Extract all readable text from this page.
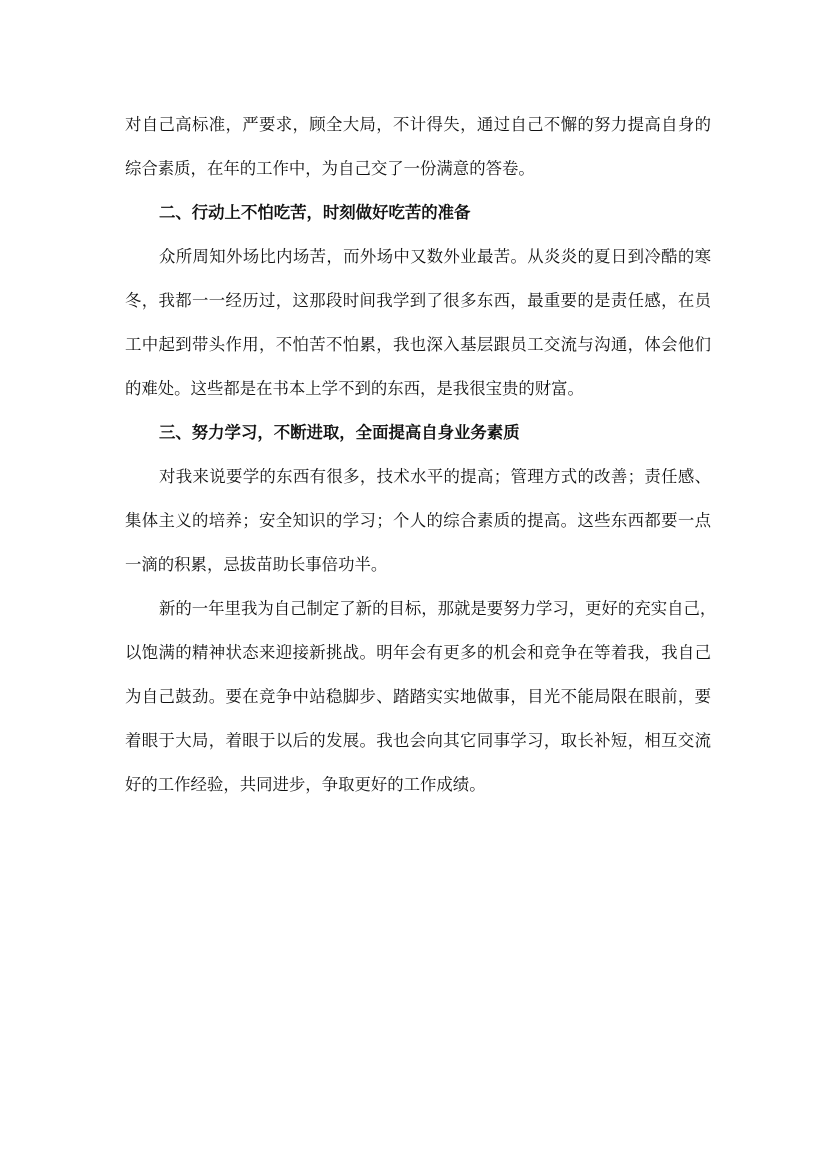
对自己高标准，严要求，顾全大局，不计得失，通过自己不懈的努力提高自身的
综合素质，在年的工作中，为自己交了一份满意的答卷。
二、行动上不怕吃苦，时刻做好吃苦的准备
众所周知外场比内场苦，而外场中又数外业最苦。从炎炎的夏日到冷酷的寒
冬，我都一一经历过，这那段时间我学到了很多东西，最重要的是责任感，在员
工中起到带头作用，不怕苦不怕累，我也深入基层跟员工交流与沟通，体会他们
的难处。这些都是在书本上学不到的东西，是我很宝贵的财富。
三、努力学习，不断进取，全面提高自身业务素质
对我来说要学的东西有很多，技术水平的提高；管理方式的改善；责任感、
集体主义的培养；安全知识的学习；个人的综合素质的提高。这些东西都要一点
一滴的积累，忌拔苗助长事倍功半。
新的一年里我为自己制定了新的目标，那就是要努力学习，更好的充实自己，
以饱满的精神状态来迎接新挑战。明年会有更多的机会和竞争在等着我，我自己
为自己鼓劲。要在竞争中站稳脚步、踏踏实实地做事，目光不能局限在眼前，要
着眼于大局，着眼于以后的发展。我也会向其它同事学习，取长补短，相互交流
好的工作经验，共同进步，争取更好的工作成绩。
